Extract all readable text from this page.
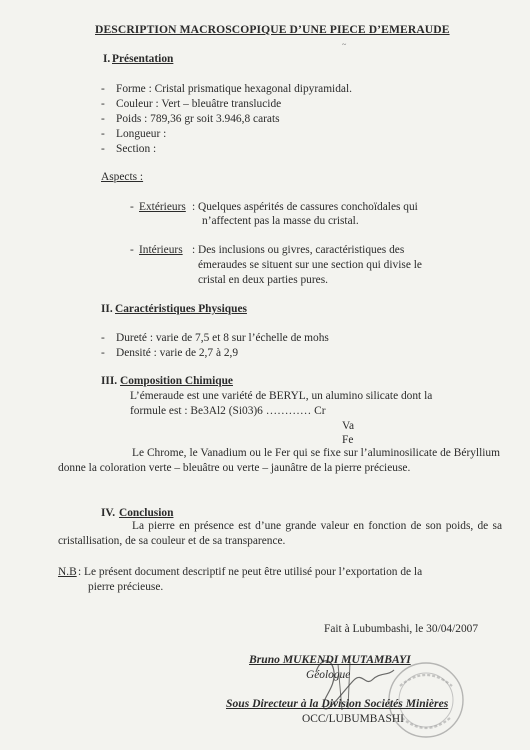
DESCRIPTION MACROSCOPIQUE D’UNE PIECE D’EMERAUDE
~
I. Présentation
- Forme : Cristal prismatique hexagonal dipyramidal.
- Couleur : Vert – bleuâtre translucide
- Poids : 789,36 gr soit 3.946,8 carats
- Longueur :
- Section :
Aspects :
- Extérieurs : Quelques aspérités de cassures conchoïdales qui
n’affectent pas la masse du cristal.
- Intérieurs : Des inclusions ou givres, caractéristiques des
émeraudes se situent sur une section qui divise le
cristal en deux parties pures.
II. Caractéristiques Physiques
- Dureté : varie de 7,5 et 8 sur l’échelle de mohs
- Densité : varie de 2,7 à 2,9
III. Composition Chimique
L’émeraude est une variété de BERYL, un alumino silicate dont la
formule est : Be3Al2 (Si03)6 ………… Cr
Va
Fe
Le Chrome, le Vanadium ou le Fer qui se fixe sur l’aluminosilicate de Béryllium donne la coloration verte – bleuâtre ou verte – jaunâtre de la pierre précieuse.
IV. Conclusion
La pierre en présence est d’une grande valeur en fonction de son poids, de sa cristallisation, de sa couleur et de sa transparence.
N.B : Le présent document descriptif ne peut être utilisé pour l’exportation de la
pierre précieuse.
Fait à Lubumbashi, le 30/04/2007
Bruno MUKENDI MUTAMBAYI
Géologue
Sous Directeur à la Division Sociétés Minières
OCC/LUBUMBASHI
